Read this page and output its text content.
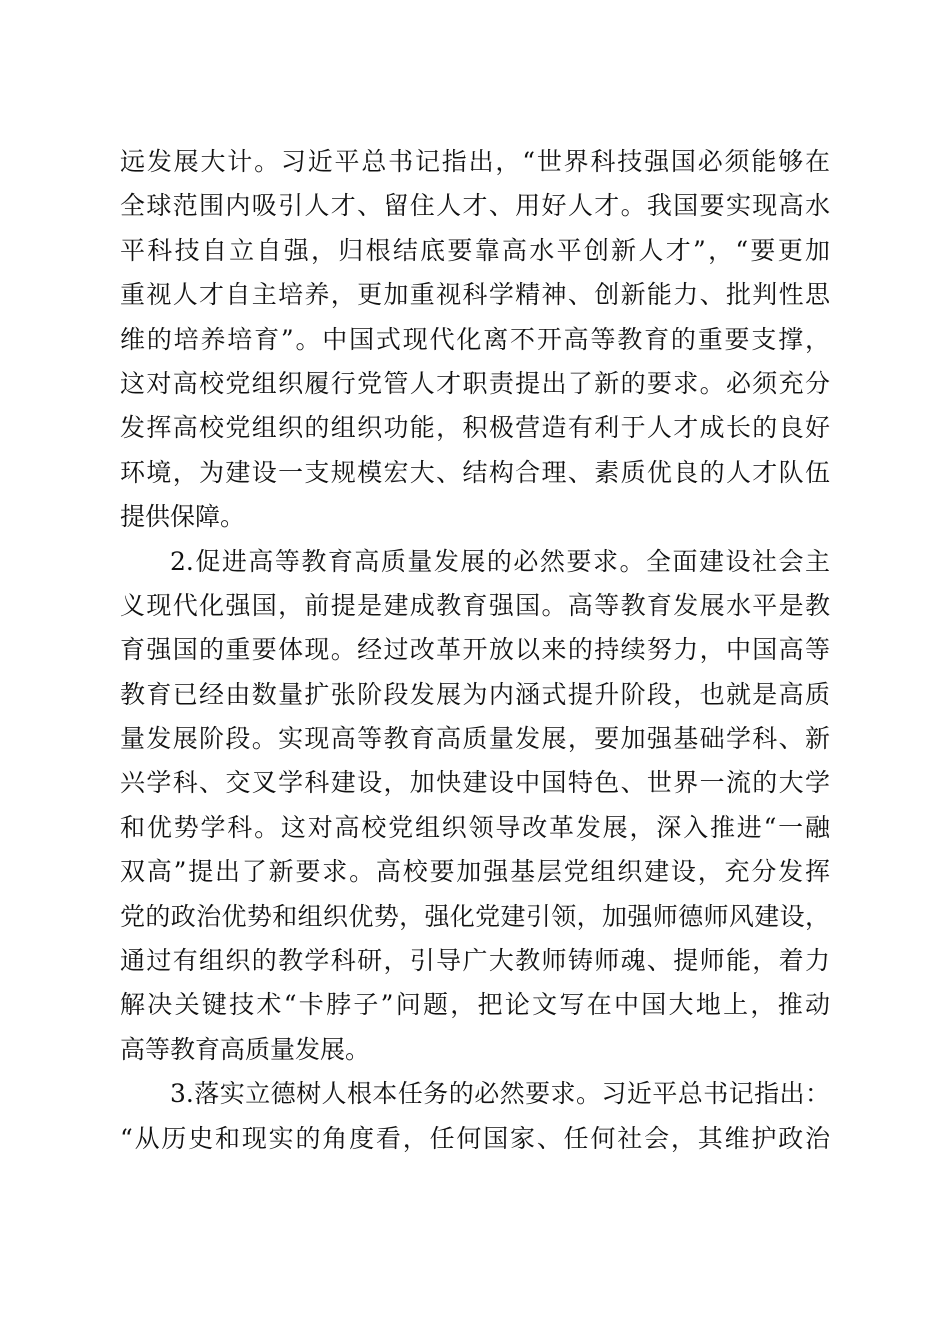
远发展大计。习近平总书记指出，“世界科技强国必须能够在
全球范围内吸引人才、留住人才、用好人才。我国要实现高水
平科技自立自强，归根结底要靠高水平创新人才”，“要更加
重视人才自主培养，更加重视科学精神、创新能力、批判性思
维的培养培育”。中国式现代化离不开高等教育的重要支撑，
这对高校党组织履行党管人才职责提出了新的要求。必须充分
发挥高校党组织的组织功能，积极营造有利于人才成长的良好
环境，为建设一支规模宏大、结构合理、素质优良的人才队伍
提供保障。
2.促进高等教育高质量发展的必然要求。全面建设社会主
义现代化强国，前提是建成教育强国。高等教育发展水平是教
育强国的重要体现。经过改革开放以来的持续努力，中国高等
教育已经由数量扩张阶段发展为内涵式提升阶段，也就是高质
量发展阶段。实现高等教育高质量发展，要加强基础学科、新
兴学科、交叉学科建设，加快建设中国特色、世界一流的大学
和优势学科。这对高校党组织领导改革发展，深入推进“一融
双高”提出了新要求。高校要加强基层党组织建设，充分发挥
党的政治优势和组织优势，强化党建引领，加强师德师风建设，
通过有组织的教学科研，引导广大教师铸师魂、提师能，着力
解决关键技术“卡脖子”问题，把论文写在中国大地上，推动
高等教育高质量发展。
3.落实立德树人根本任务的必然要求。习近平总书记指出：
“从历史和现实的角度看，任何国家、任何社会，其维护政治
